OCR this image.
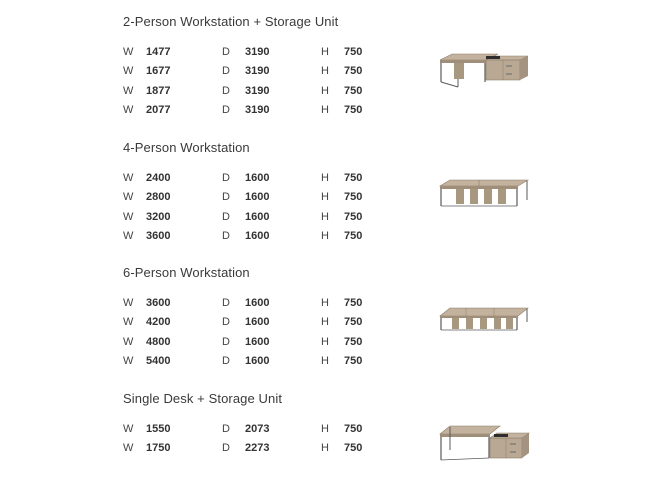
2-Person Workstation + Storage Unit
W 1477	D 3190	H 750
W 1677	D 3190	H 750
W 1877	D 3190	H 750
W 2077	D 3190	H 750
4-Person Workstation
W 2400	D 1600	H 750
W 2800	D 1600	H 750
W 3200	D 1600	H 750
W 3600	D 1600	H 750
6-Person Workstation
W 3600	D 1600	H 750
W 4200	D 1600	H 750
W 4800	D 1600	H 750
W 5400	D 1600	H 750
Single Desk + Storage Unit
W 1550	D 2073	H 750
W 1750	D 2273	H 750
